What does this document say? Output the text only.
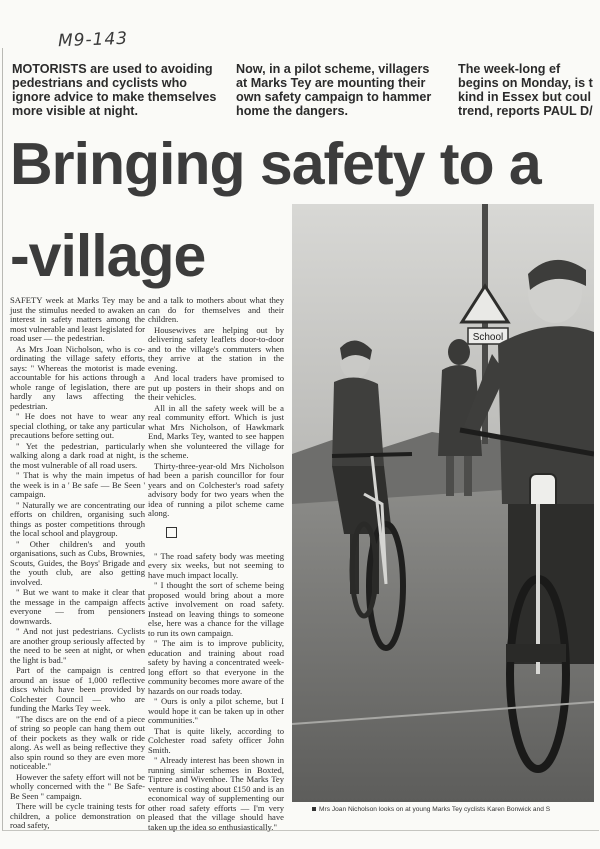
M9-143

MOTORISTS are used to avoiding pedestrians and cyclists who ignore advice to make themselves more visible at night.

Now, in a pilot scheme, villagers at Marks Tey are mounting their own safety campaign to hammer home the dangers.

The week-long ef
begins on Monday, is t
kind in Essex but coul
trend, reports PAUL D/

Bringing safety to a
-village

SAFETY week at Marks Tey may be just the stimulus needed to awaken an interest in safety matters among the most vulnerable and least legislated for road user — the pedestrian.

As Mrs Joan Nicholson, who is co-ordinating the village safety efforts, says: " Whereas the motorist is made accountable for his actions through a whole range of legislation, there are hardly any laws affecting the pedestrian.

" He does not have to wear any special clothing, or take any particular precautions before setting out.

" Yet the pedestrian, particularly walking along a dark road at night, is the most vulnerable of all road users.

" That is why the main impetus of the week is in a ' Be safe — Be Seen ' campaign.

" Naturally we are concentrating our efforts on children, organising such things as poster competitions through the local school and playgroup.

" Other children's and youth organisations, such as Cubs, Brownies, Scouts, Guides, the Boys' Brigade and the youth club, are also getting involved.

" But we want to make it clear that the message in the campaign affects everyone — from pensioners downwards.

" And not just pedestrians. Cyclists are another group seriously affected by the need to be seen at night, or when the light is bad."

Part of the campaign is centred around an issue of 1,000 reflective discs which have been provided by Colchester Council — who are funding the Marks Tey week.

"The discs are on the end of a piece of string so people can hang them out of their pockets as they walk or ride along. As well as being reflective they also spin round so they are even more noticeable."

However the safety effort will not be wholly concerned with the " Be Safe-Be Seen " campaign.

There will be cycle training tests for children, a police demonstration on road safety,

and a talk to mothers about what they can do for themselves and their children.

Housewives are helping out by delivering safety leaflets door-to-door and to the village's commuters when they arrive at the station in the evening.

And local traders have promised to put up posters in their shops and on their vehicles.

All in all the safety week will be a real community effort. Which is just what Mrs Nicholson, of Hawkmark End, Marks Tey, wanted to see happen when she volunteered the village for the scheme.

Thirty-three-year-old Mrs Nicholson had been a parish councillor for four years and on Colchester's road safety advisory body for two years when the idea of running a pilot scheme came along.

" The road safety body was meeting every six weeks, but not seeming to have much impact locally.

" I thought the sort of scheme being proposed would bring about a more active involvement on road safety. Instead on leaving things to someone else, here was a chance for the village to run its own campaign.

" The aim is to improve publicity, education and training about road safety by having a concentrated week-long effort so that everyone in the community becomes more aware of the hazards on our roads today.

" Ours is only a pilot scheme, but I would hope it can be taken up in other communities."

That is quite likely, according to Colchester road safety officer John Smith.

" Already interest has been shown in running similar schemes in Boxted, Tiptree and Wivenhoe. The Marks Tey venture is costing about £150 and is an economical way of supplementing our other road safety efforts — I'm very pleased that the village should have taken up the idea so enthusiastically."

School

Mrs Joan Nicholson looks on at young Marks Tey cyclists Karen Bonwick and S
